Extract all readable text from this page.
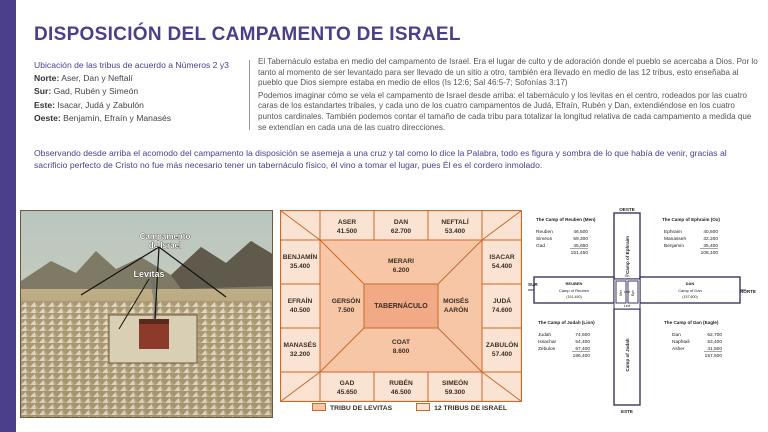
DISPOSICIÓN DEL CAMPAMENTO DE ISRAEL
Ubicación de las tribus de acuerdo a Números 2 y3
Norte: Aser, Dan y Neftalí
Sur: Gad, Rubén y Simeón
Este: Isacar, Judá y Zabulón
Oeste: Benjamín, Efraín y Manasés

El Tabernáculo estaba en medio del campamento de Israel. Era el lugar de culto y de adoración donde el pueblo se acercaba a Dios. Por lo tanto al momento de ser levantado para ser llevado de un sitio a otro, también era llevado en medio de las 12 tribus, esto enseñaba al pueblo que Dios siempre estaba en medio de ellos (Is 12:6; Sal 46:5-7; Sofonías 3:17)

Podemos imaginar cómo se vela el campamento de Israel desde arriba: el tabernáculo y los levitas en el centro, rodeados por las cuatro caras de los estandartes tribales, y cada uno de los cuatro campamentos de Judá, Efraín, Rubén y Dan, extendiéndose en los cuatro puntos cardinales. También podemos contar el tamaño de cada tribu para totalizar la longitud relativa de cada campamento a medida que se extendían en cada una de las cuatro direcciones.

Observando desde arriba el acomodo del campamento la disposición se asemeja a una cruz y tal como lo dice la Palabra, todo es figura y sombra de lo que había de venir, gracias al sacrificio perfecto de Cristo no fue más necesario tener un tabernáculo físico, él vino a tomar el lugar, pues Él es el cordero inmolado.

Campamento
de Israel
Levitas
ASER
41.500
DAN
62.700
NEFTALÍ
53.400
BENJAMÍN
35.400
EFRAÍN
40.500
MANASÉS
32.200
ISACAR
54.400
JUDÁ
74.600
ZABULÓN
57.400
GAD
45.650
RUBÉN
46.500
SIMEÓN
59.300
MERARI
6.200
GERSÓN
7.500
MOISÉS
AARÓN
COAT
8.600
TABERNÁCULO
TRIBU DE LEVITAS	12 TRIBUS DE ISRAEL
OESTE
ESTE
SUR
NORTE
Camp of Ephraim
Camp of Judah
REUBEN
Camp of Reuben
(151,450)
DAN
Camp of Dan
(157,600)
Gh
Mer Eph
Levi
Levi
The Camp of Reuben (Men)
Reuben	46,500
Simeon	59,300
Gad	45,650
151,450
The Camp of Ephraim (Ox)
Ephraim	40,500
Manasseh	32,200
Benjamin	35,400
108,100
The Camp of Judah (Lion)
Judah	74,600
Issachar	54,400
Zebulon	57,400
186,400
The Camp of Dan (Eagle)
Dan	62,700
Naphtali	53,400
Asher	41,500
157,600
